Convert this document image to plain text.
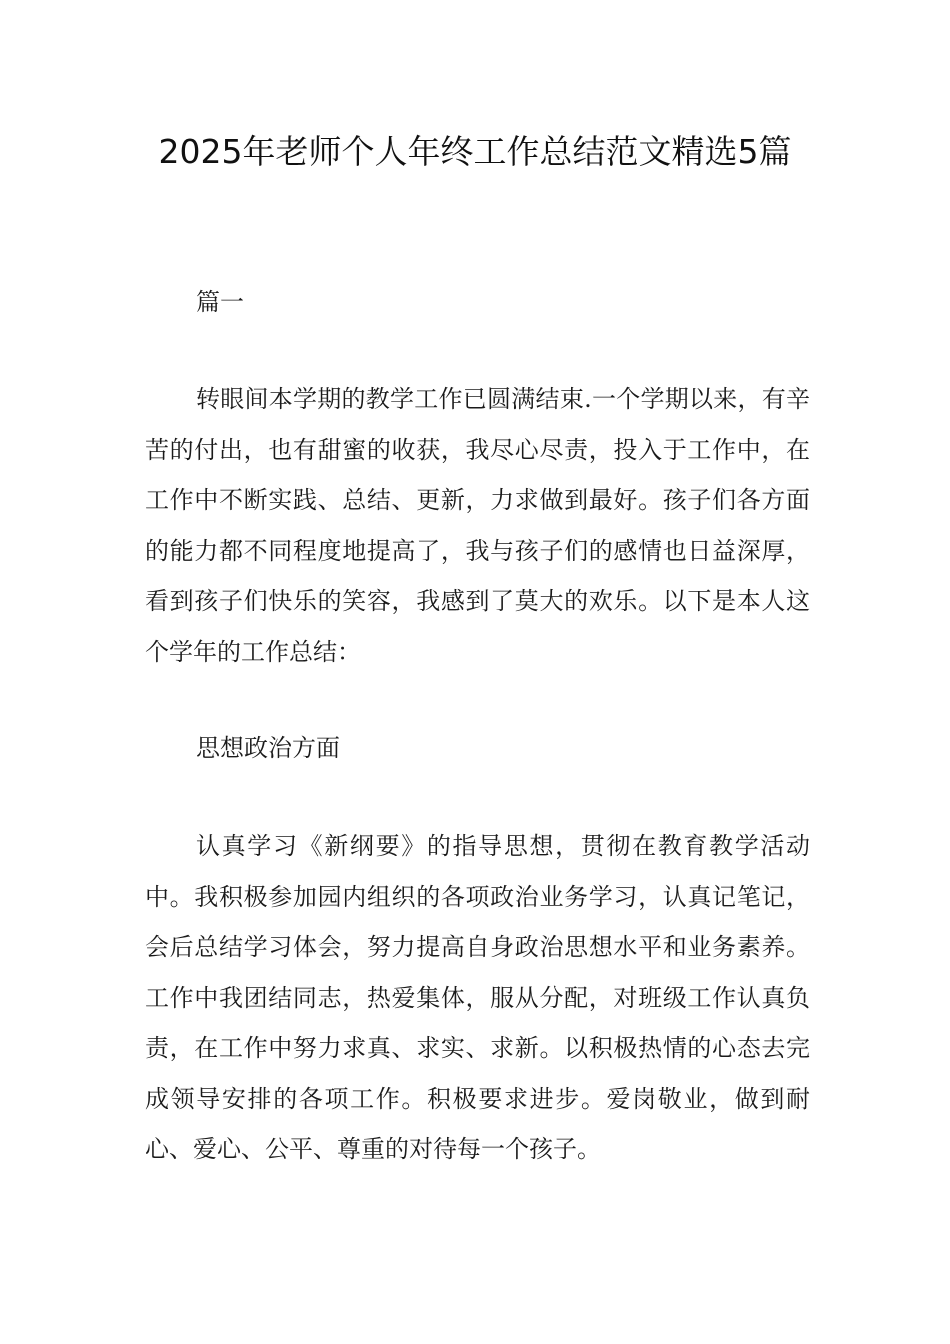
2025年老师个人年终工作总结范文精选5篇
篇一

转眼间本学期的教学工作已圆满结束.一个学期以来，有辛苦的付出，也有甜蜜的收获，我尽心尽责，投入于工作中，在工作中不断实践、总结、更新，力求做到最好。孩子们各方面的能力都不同程度地提高了，我与孩子们的感情也日益深厚，看到孩子们快乐的笑容，我感到了莫大的欢乐。以下是本人这个学年的工作总结：

思想政治方面

认真学习《新纲要》的指导思想，贯彻在教育教学活动中。我积极参加园内组织的各项政治业务学习，认真记笔记，会后总结学习体会，努力提高自身政治思想水平和业务素养。工作中我团结同志，热爱集体，服从分配，对班级工作认真负责，在工作中努力求真、求实、求新。以积极热情的心态去完成领导安排的各项工作。积极要求进步。爱岗敬业，做到耐心、爱心、公平、尊重的对待每一个孩子。
